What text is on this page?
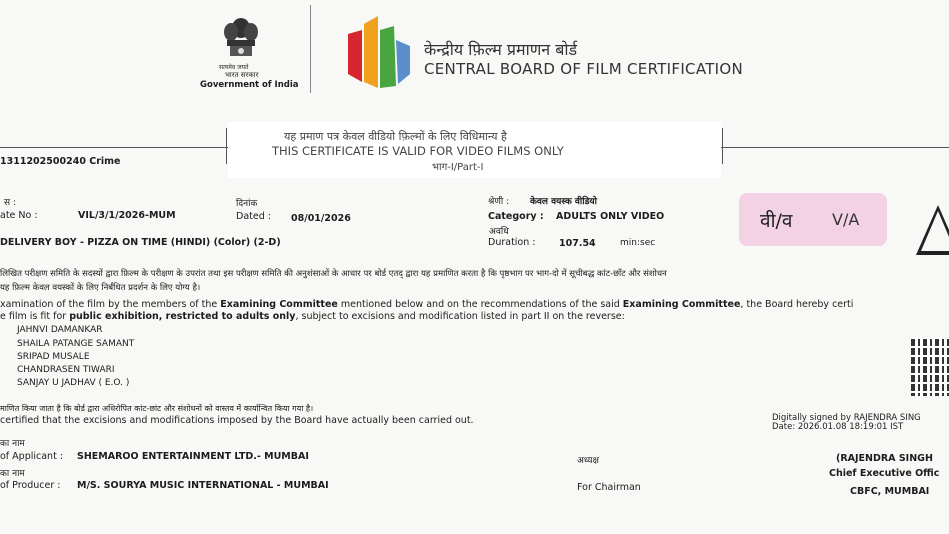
सत्यमेव जयते
भारत सरकार
Government of India
केन्द्रीय फ़िल्म प्रमाणन बोर्ड
CENTRAL BOARD OF FILM CERTIFICATION
यह प्रमाण पत्र केवल वीडियो फ़िल्मों के लिए विधिमान्य है
THIS CERTIFICATE IS VALID FOR VIDEO FILMS ONLY
भाग-I/Part-I
1311202500240 Crime
स :
ate No :	VIL/3/1/2026-MUM
दिनांक
Dated : 08/01/2026
श्रेणी : केवल वयस्क वीडियो
Category : ADULTS ONLY VIDEO
अवधि
Duration : 107.54	min:sec
वी/व V/A
DELIVERY BOY - PIZZA ON TIME (HINDI) (Color) (2-D)
लिखित परीक्षण समिति के सदस्यों द्वारा फ़िल्म के परीक्षण के उपरांत तथा इस परीक्षण समिति की अनुशंसाओं के आधार पर बोर्ड एतद् द्वारा यह प्रमाणित करता है कि पृष्ठभाग पर भाग-दो में सूचीबद्ध कांट-छाँट और संशोधन
यह फ़िल्म केवल वयस्कों के लिए निर्बंधित प्रदर्शन के लिए योग्य है।
xamination of the film by the members of the Examining Committee mentioned below and on the recommendations of the said Examining Committee, the Board hereby certi
e film is fit for public exhibition, restricted to adults only, subject to excisions and modification listed in part II on the reverse:
JAHNVI DAMANKAR
SHAILA PATANGE SAMANT
SRIPAD MUSALE
CHANDRASEN TIWARI
SANJAY U JADHAV ( E.O. )
माणित किया जाता है कि बोर्ड द्वारा अधिरोपित कांट-छांट और संशोधनों को वास्तव में कार्यान्वित किया गया है।
certified that the excisions and modifications imposed by the Board have actually been carried out.	Digitally signed by RAJENDRA SING
Date: 2026.01.08 18:19:01 IST
का नाम
of Applicant : SHEMAROO ENTERTAINMENT LTD.- MUMBAI	अध्यक्ष	(RAJENDRA SINGH
Chief Executive Offic
का नाम
of Producer : M/S. SOURYA MUSIC INTERNATIONAL - MUMBAI	For Chairman	CBFC, MUMBAI
